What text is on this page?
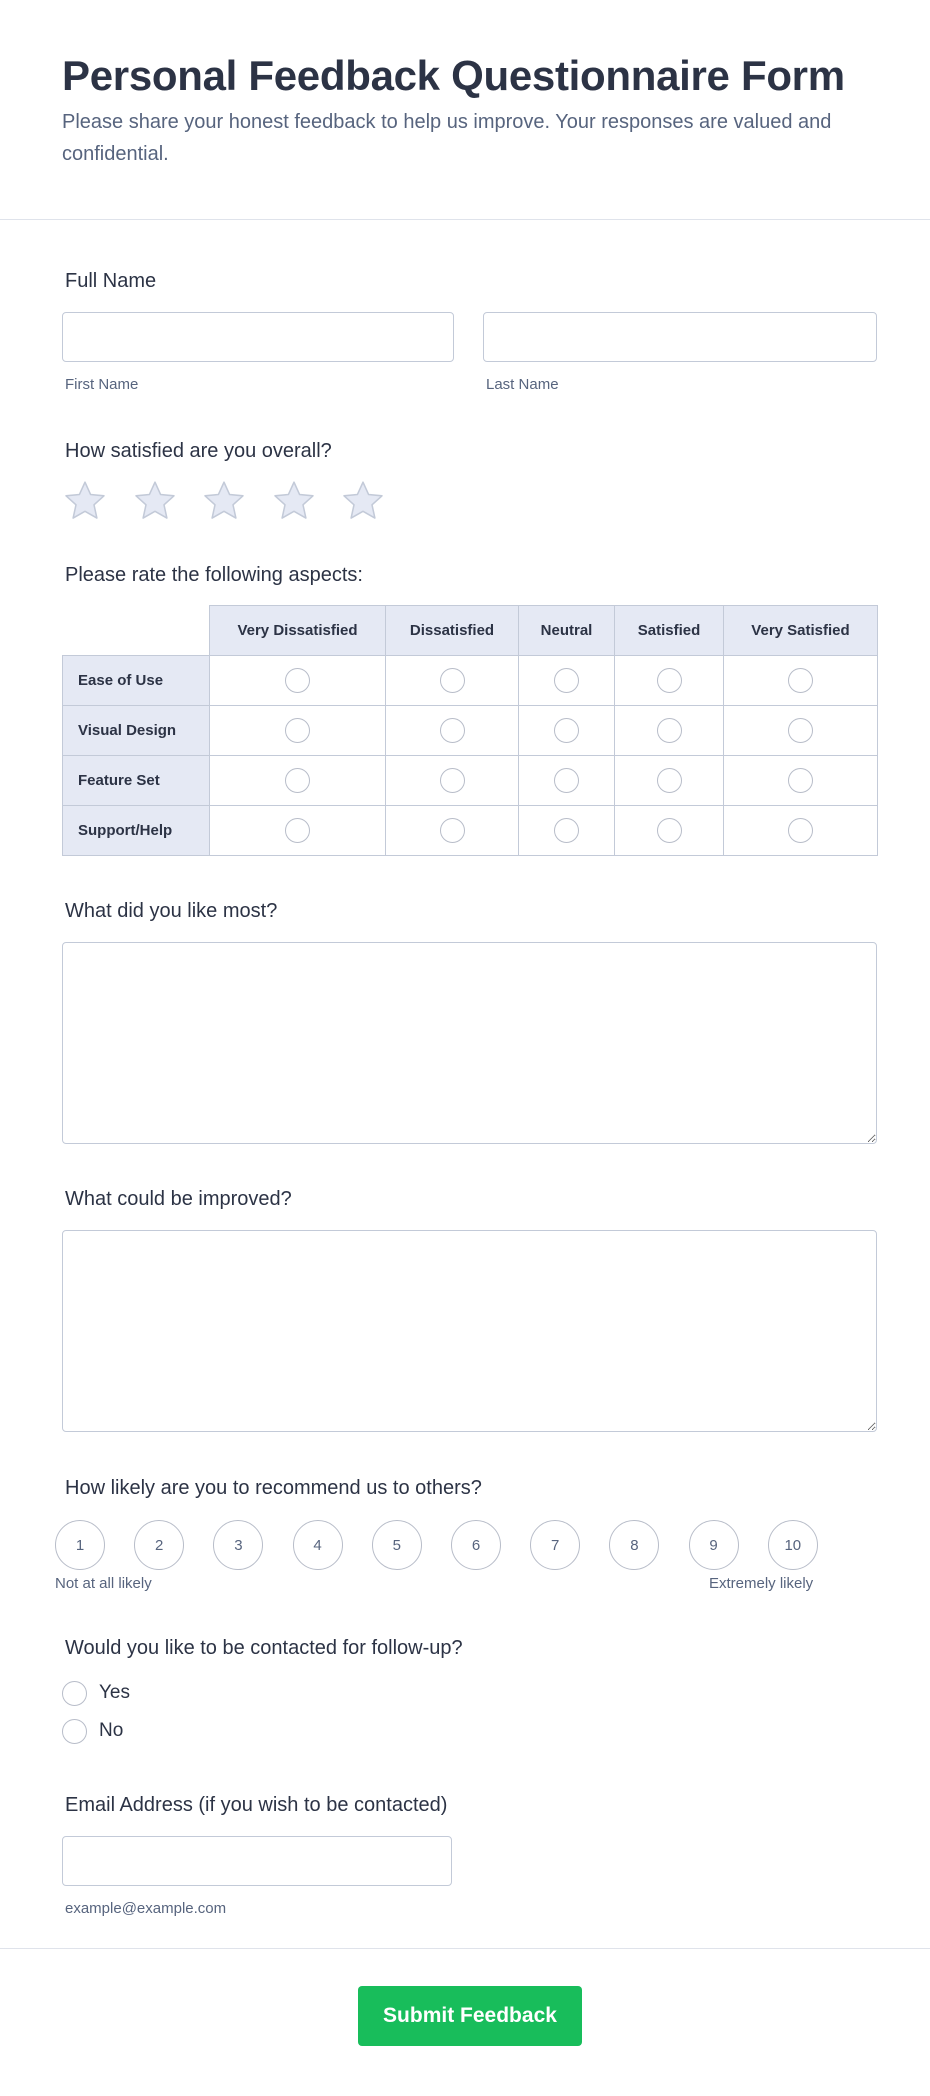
Personal Feedback Questionnaire Form

Please share your honest feedback to help us improve. Your responses are valued and confidential.

Full Name
First Name	Last Name
How satisfied are you overall?
Please rate the following aspects:
	Very Dissatisfied	Dissatisfied	Neutral	Satisfied	Very Satisfied
Ease of Use					
Visual Design					
Feature Set					
Support/Help					
What did you like most?
What could be improved?
How likely are you to recommend us to others?
1	2	3	4	5	6	7	8	9	10
Not at all likely	Extremely likely
Would you like to be contacted for follow-up?
Yes
No
Email Address (if you wish to be contacted)
example@example.com
Submit Feedback
